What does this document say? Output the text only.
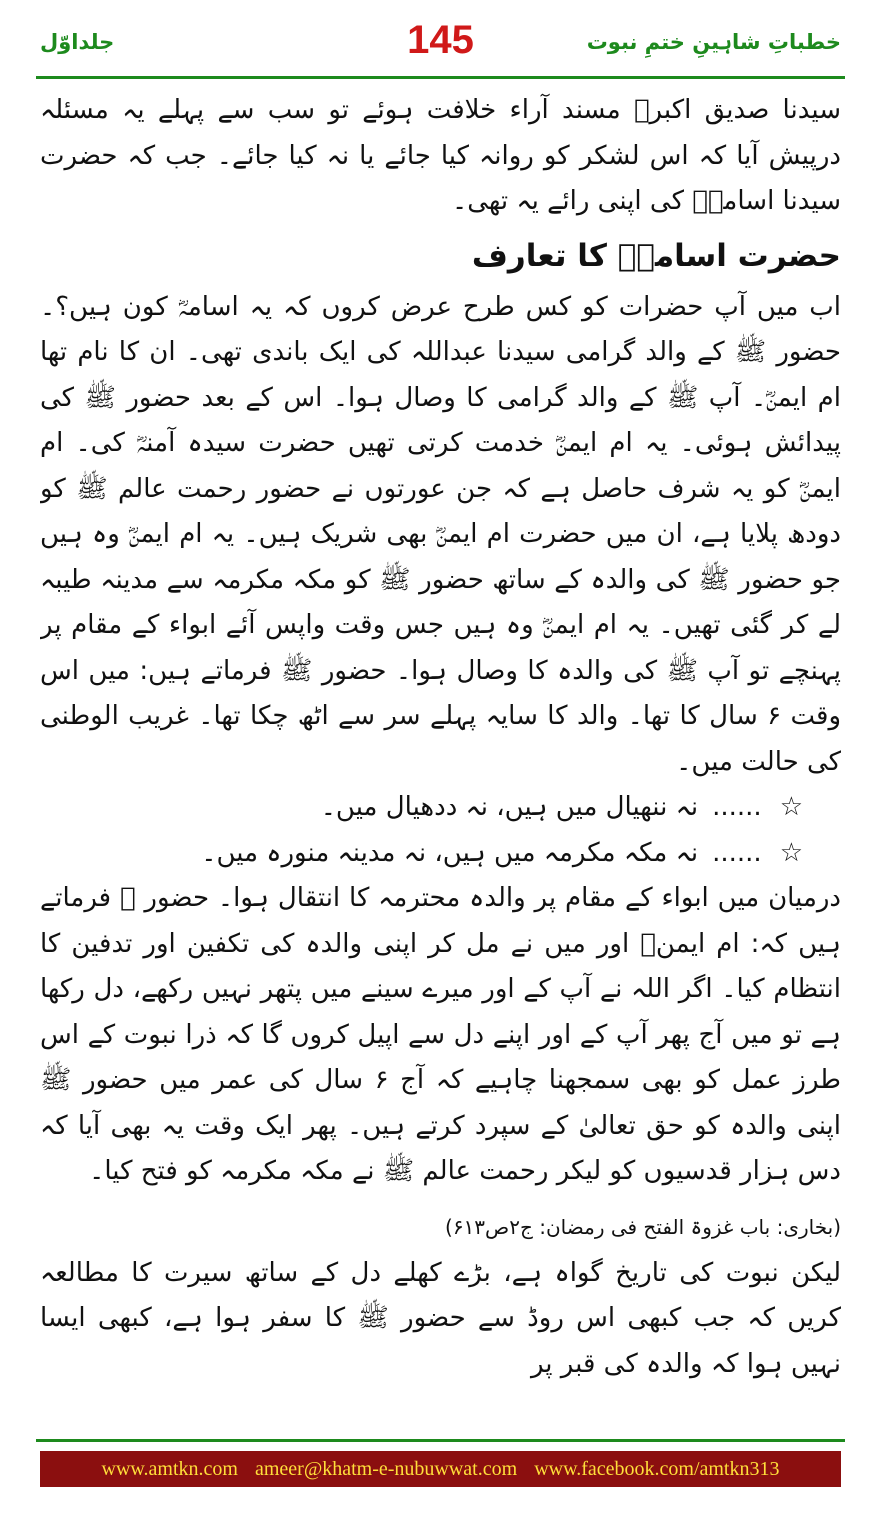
جلداوّل	145	خطباتِ شاہینِ ختمِ نبوت

سیدنا صدیق اکبرؓ مسند آراء خلافت ہوئے تو سب سے پہلے یہ مسئلہ درپیش آیا کہ اس لشکر کو روانہ کیا جائے یا نہ کیا جائے۔ جب کہ حضرت سیدنا اسامہؓ کی اپنی رائے یہ تھی۔

حضرت اسامہؓ کا تعارف

اب میں آپ حضرات کو کس طرح عرض کروں کہ یہ اسامہؓ کون ہیں؟۔ حضور ﷺ کے والد گرامی سیدنا عبداللہ کی ایک باندی تھی۔ ان کا نام تھا ام ایمنؓ۔ آپ ﷺ کے والد گرامی کا وصال ہوا۔ اس کے بعد حضور ﷺ کی پیدائش ہوئی۔ یہ ام ایمنؓ خدمت کرتی تھیں حضرت سیدہ آمنہؓ کی۔ ام ایمنؓ کو یہ شرف حاصل ہے کہ جن عورتوں نے حضور رحمت عالم ﷺ کو دودھ پلایا ہے، ان میں حضرت ام ایمنؓ بھی شریک ہیں۔ یہ ام ایمنؓ وہ ہیں جو حضور ﷺ کی والدہ کے ساتھ حضور ﷺ کو مکہ مکرمہ سے مدینہ طیبہ لے کر گئی تھیں۔ یہ ام ایمنؓ وہ ہیں جس وقت واپس آئے ابواء کے مقام پر پہنچے تو آپ ﷺ کی والدہ کا وصال ہوا۔ حضور ﷺ فرماتے ہیں: میں اس وقت ۶ سال کا تھا۔ والد کا سایہ پہلے سر سے اٹھ چکا تھا۔ غریب الوطنی کی حالت میں۔

☆......نہ ننھیال میں ہیں، نہ ددھیال میں۔

☆......نہ مکہ مکرمہ میں ہیں، نہ مدینہ منورہ میں۔

درمیان میں ابواء کے مقام پر والدہ محترمہ کا انتقال ہوا۔ حضور ﷺ فرماتے ہیں کہ: ام ایمنؓ اور میں نے مل کر اپنی والدہ کی تکفین اور تدفین کا انتظام کیا۔ اگر اللہ نے آپ کے اور میرے سینے میں پتھر نہیں رکھے، دل رکھا ہے تو میں آج پھر آپ کے اور اپنے دل سے اپیل کروں گا کہ ذرا نبوت کے اس طرز عمل کو بھی سمجھنا چاہیے کہ آج ۶ سال کی عمر میں حضور ﷺ اپنی والدہ کو حق تعالیٰ کے سپرد کرتے ہیں۔ پھر ایک وقت یہ بھی آیا کہ دس ہزار قدسیوں کو لیکر رحمت عالم ﷺ نے مکہ مکرمہ کو فتح کیا۔

(بخاری: باب غزوۃ الفتح فی رمضان: ج۲ص۶۱۳)

لیکن نبوت کی تاریخ گواہ ہے، بڑے کھلے دل کے ساتھ سیرت کا مطالعہ کریں کہ جب کبھی اس روڈ سے حضور ﷺ کا سفر ہوا ہے، کبھی ایسا نہیں ہوا کہ والدہ کی قبر پر

www.amtkn.com ameer@khatm-e-nubuwwat.com www.facebook.com/amtkn313
